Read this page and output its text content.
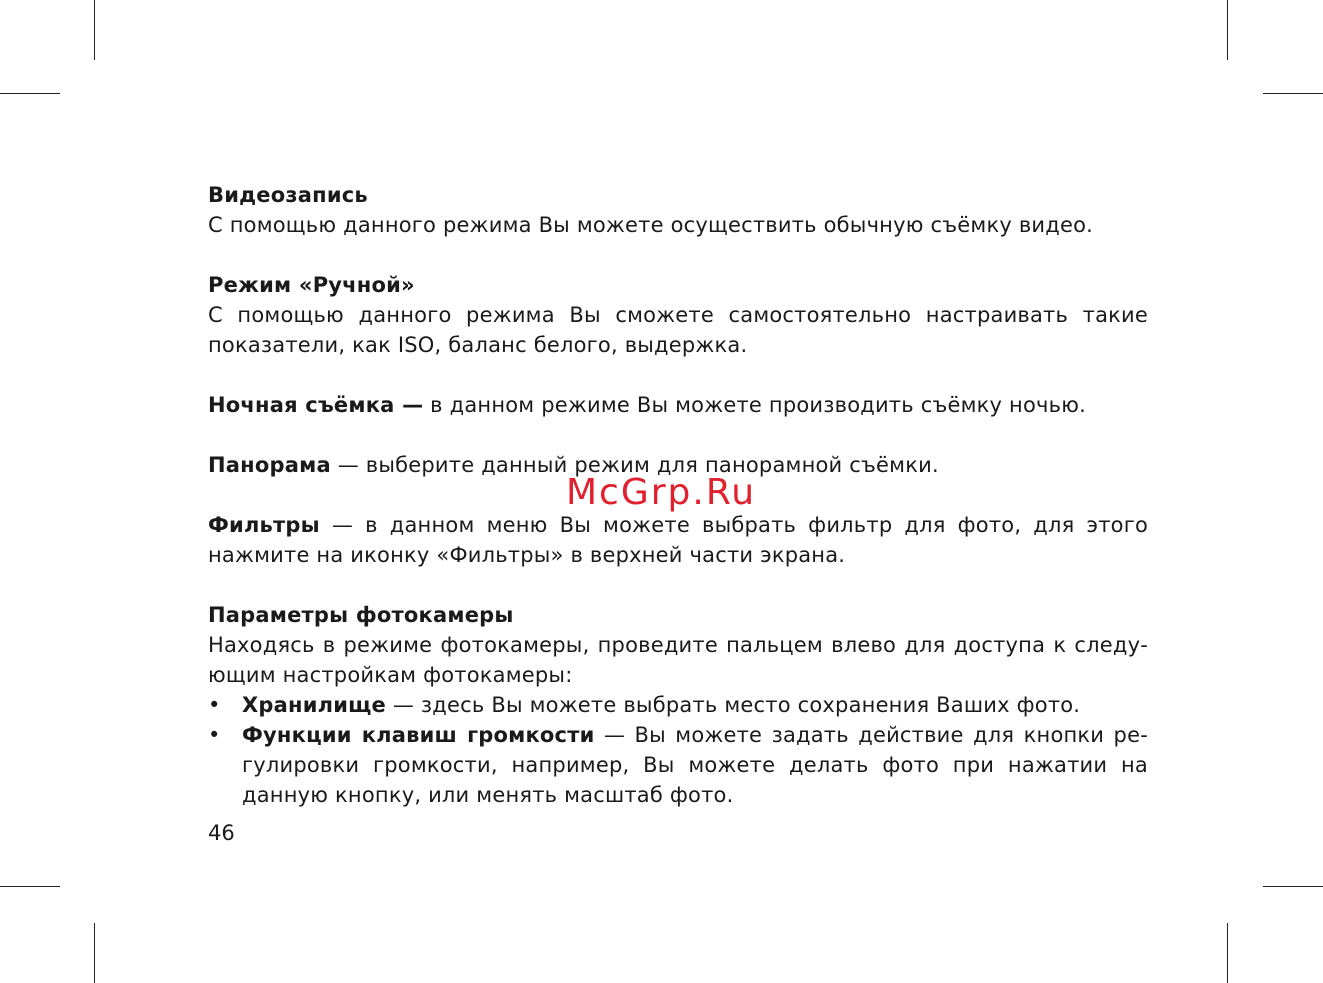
Видеозапись
С помощью данного режима Вы можете осуществить обычную съёмку видео.
Режим «Ручной»
С помощью данного режима Вы сможете самостоятельно настраивать такие показатели, как ISO, баланс белого, выдержка.
Ночная съёмка — в данном режиме Вы можете производить съёмку ночью.
Панорама — выберите данный режим для панорамной съёмки.
Фильтры — в данном меню Вы можете выбрать фильтр для фото, для этого нажмите на иконку «Фильтры» в верхней части экрана.
Параметры фотокамеры
Находясь в режиме фотокамеры, проведите пальцем влево для доступа к следу-ющим настройкам фотокамеры:
• Хранилище — здесь Вы можете выбрать место сохранения Ваших фото.
• Функции клавиш громкости — Вы можете задать действие для кнопки ре-гулировки громкости, например, Вы можете делать фото при нажатии на данную кнопку, или менять масштаб фото.
46
McGrp.Ru
